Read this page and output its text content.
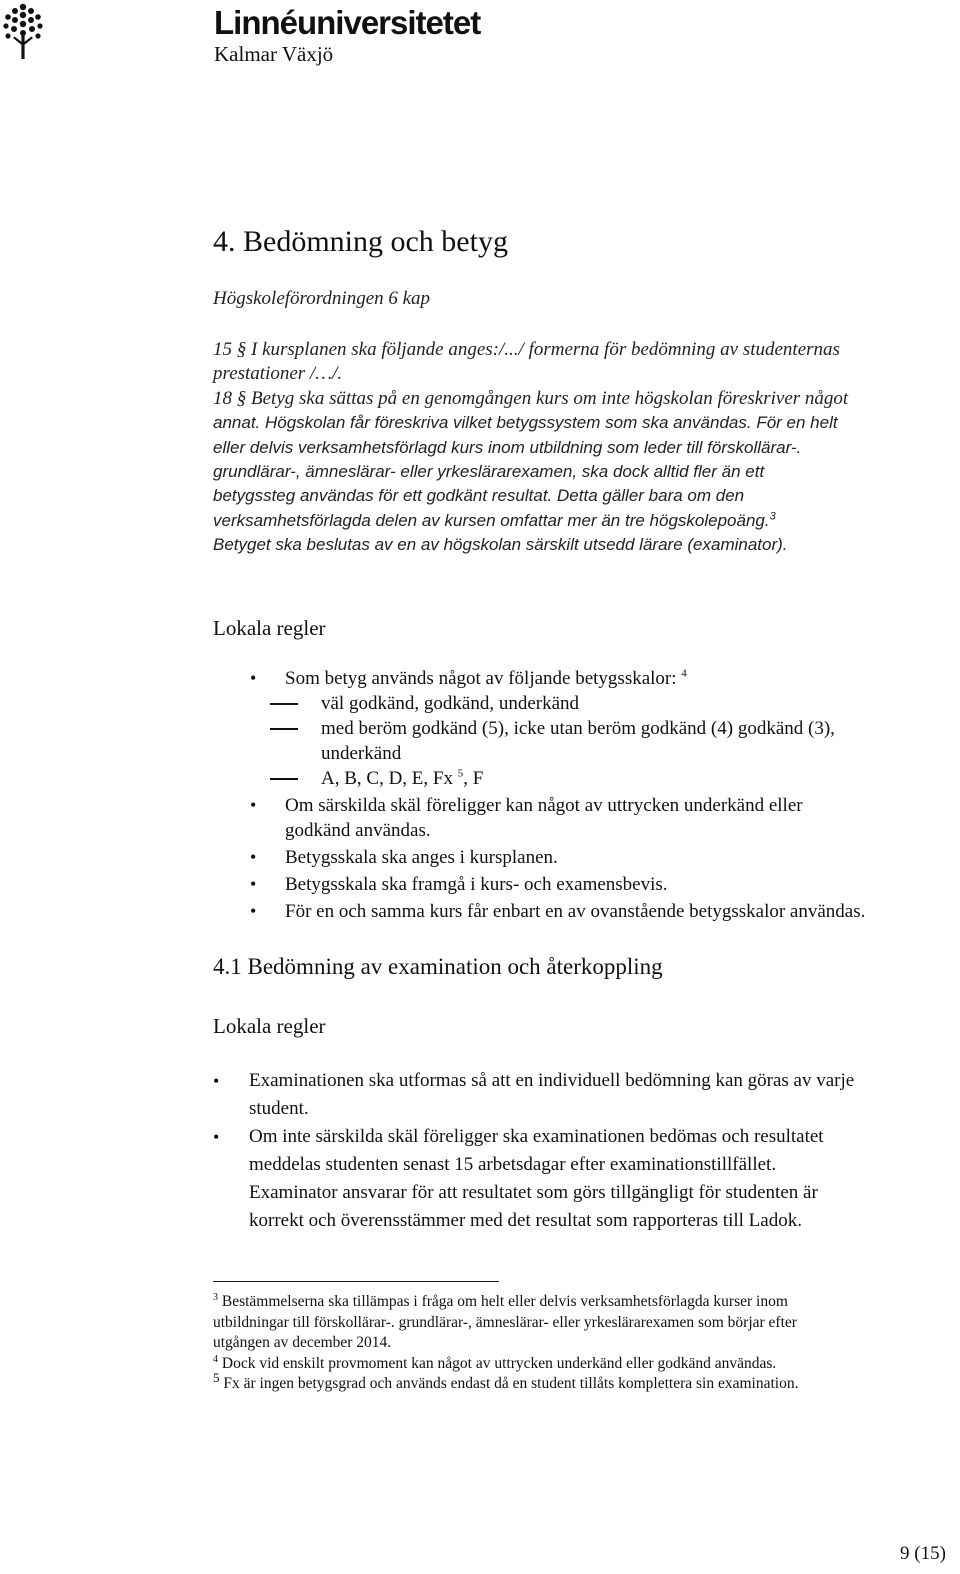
Linnéuniversitetet
Kalmar Växjö
4. Bedömning och betyg
Högskoleförordningen 6 kap
15 § I kursplanen ska följande anges:/.../ formerna för bedömning av studenternas
prestationer /…/.
18 § Betyg ska sättas på en genomgången kurs om inte högskolan föreskriver något
annat. Högskolan får föreskriva vilket betygssystem som ska användas. För en helt
eller delvis verksamhetsförlagd kurs inom utbildning som leder till förskollärar-.
grundlärar-, ämneslärar- eller yrkeslärarexamen, ska dock alltid fler än ett
betygssteg användas för ett godkänt resultat. Detta gäller bara om den
verksamhetsförlagda delen av kursen omfattar mer än tre högskolepoäng.$^3$
Betyget ska beslutas av en av högskolan särskilt utsedd lärare (examinator).
Lokala regler
•	Som betyg används något av följande betygsskalor: $^4$
väl godkänd, godkänd, underkänd
med beröm godkänd (5), icke utan beröm godkänd (4) godkänd (3),
underkänd
A, B, C, D, E, Fx $^5$, F
•	Om särskilda skäl föreligger kan något av uttrycken underkänd eller
godkänd användas.
•	Betygsskala ska anges i kursplanen.
•	Betygsskala ska framgå i kurs- och examensbevis.
•	För en och samma kurs får enbart en av ovanstående betygsskalor användas.
4.1 Bedömning av examination och återkoppling
Lokala regler
•	Examinationen ska utformas så att en individuell bedömning kan göras av varje
student.
•	Om inte särskilda skäl föreligger ska examinationen bedömas och resultatet
meddelas studenten senast 15 arbetsdagar efter examinationstillfället.
Examinator ansvarar för att resultatet som görs tillgängligt för studenten är
korrekt och överensstämmer med det resultat som rapporteras till Ladok.
$^3$ Bestämmelserna ska tillämpas i fråga om helt eller delvis verksamhetsförlagda kurser inom
utbildningar till förskollärar-. grundlärar-, ämneslärar- eller yrkeslärarexamen som börjar efter
utgången av december 2014.
$^4$ Dock vid enskilt provmoment kan något av uttrycken underkänd eller godkänd användas.
$^5$ Fx är ingen betygsgrad och används endast då en student tillåts komplettera sin examination.
9 (15)
